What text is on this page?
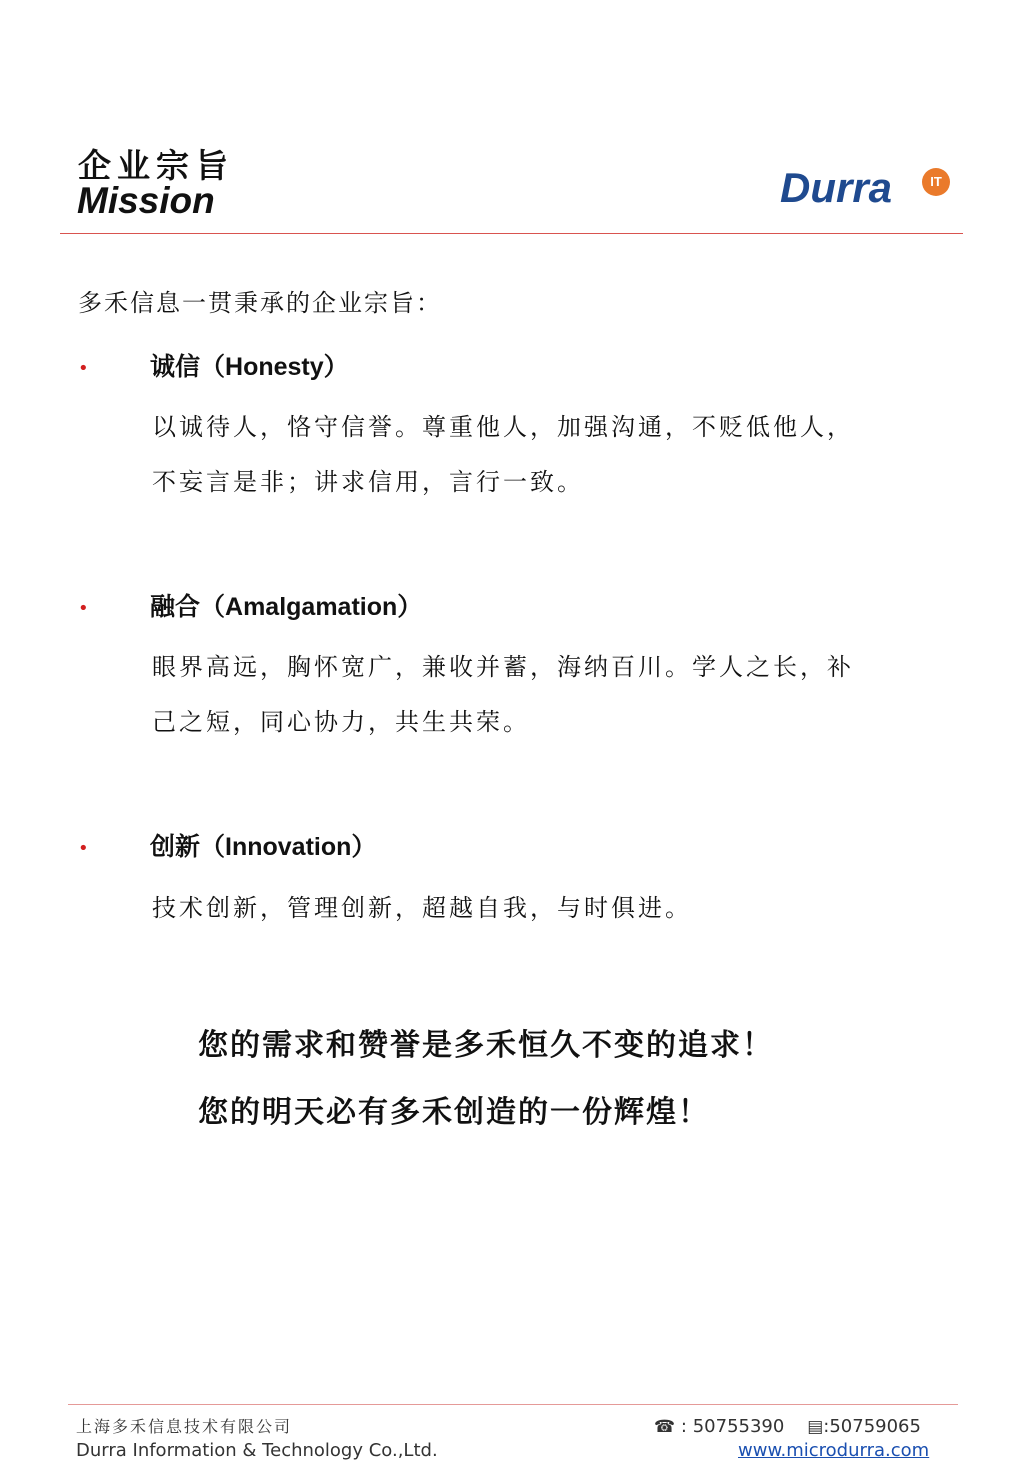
企业宗旨
Mission	Durra	IT
多禾信息一贯秉承的企业宗旨：
• 诚信（Honesty）
以诚待人，恪守信誉。尊重他人，加强沟通，不贬低他人，
不妄言是非；讲求信用，言行一致。
• 融合（Amalgamation）
眼界高远，胸怀宽广，兼收并蓄，海纳百川。学人之长，补
己之短，同心协力，共生共荣。
• 创新（Innovation）
技术创新，管理创新，超越自我，与时俱进。
您的需求和赞誉是多禾恒久不变的追求！
您的明天必有多禾创造的一份辉煌！
上海多禾信息技术有限公司
Durra Information & Technology Co.,Ltd.
☎ : 50755390 ▤:50759065
www.microdurra.com
